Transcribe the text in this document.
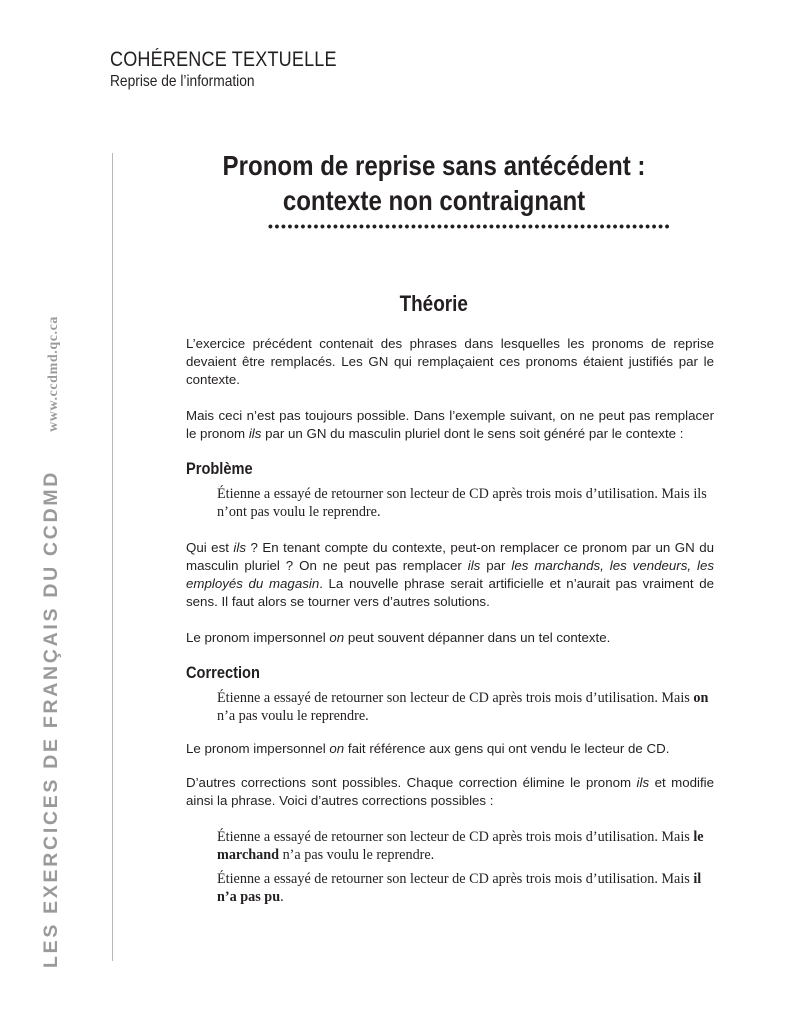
COHÉRENCE TEXTUELLE
Reprise de l’information
LES EXERCICES DE FRANÇAIS DU CCDMD
www.ccdmd.qc.ca
Pronom de reprise sans antécédent :
contexte non contraignant
••••••••••••••••••••••••••••••••••••••••••••••••••••••••••••••
Théorie

L’exercice précédent contenait des phrases dans lesquelles les pronoms de reprise devaient être remplacés. Les GN qui remplaçaient ces pronoms étaient justifiés par le contexte.

Mais ceci n’est pas toujours possible. Dans l’exemple suivant, on ne peut pas remplacer le pronom ils par un GN du masculin pluriel dont le sens soit généré par le contexte :

Problème

Étienne a essayé de retourner son lecteur de CD après trois mois d’utilisation. Mais ils n’ont pas voulu le reprendre.

Qui est ils ? En tenant compte du contexte, peut-on remplacer ce pronom par un GN du masculin pluriel ? On ne peut pas remplacer ils par les marchands, les vendeurs, les employés du magasin. La nouvelle phrase serait artificielle et n’aurait pas vraiment de sens. Il faut alors se tourner vers d’autres solutions.

Le pronom impersonnel on peut souvent dépanner dans un tel contexte.

Correction

Étienne a essayé de retourner son lecteur de CD après trois mois d’utilisation. Mais on n’a pas voulu le reprendre.

Le pronom impersonnel on fait référence aux gens qui ont vendu le lecteur de CD.

D’autres corrections sont possibles. Chaque correction élimine le pronom ils et modifie ainsi la phrase. Voici d’autres corrections possibles :

Étienne a essayé de retourner son lecteur de CD après trois mois d’utilisation. Mais le marchand n’a pas voulu le reprendre.

Étienne a essayé de retourner son lecteur de CD après trois mois d’utilisation. Mais il n’a pas pu.
